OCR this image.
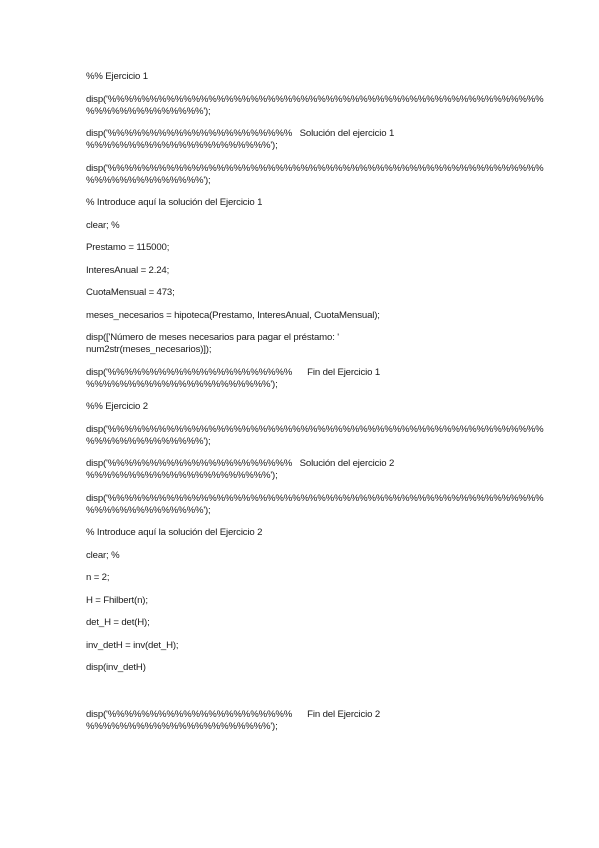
%% Ejercicio 1

disp('%%%%%%%%%%%%%%%%%%%%%%%%%%%%%%%%%%%%%%%%%%%%%%%%%%%%
%%%%%%%%%%%%%%');

disp('%%%%%%%%%%%%%%%%%%%%%%   Solución del ejercicio 1
%%%%%%%%%%%%%%%%%%%%%%');

disp('%%%%%%%%%%%%%%%%%%%%%%%%%%%%%%%%%%%%%%%%%%%%%%%%%%%%
%%%%%%%%%%%%%%');

% Introduce aquí la solución del Ejercicio 1

clear; %

Prestamo = 115000;

InteresAnual = 2.24;

CuotaMensual = 473;

meses_necesarios = hipoteca(Prestamo, InteresAnual, CuotaMensual);

disp(['Número de meses necesarios para pagar el préstamo: '
num2str(meses_necesarios)]);

disp('%%%%%%%%%%%%%%%%%%%%%%      Fin del Ejercicio 1
%%%%%%%%%%%%%%%%%%%%%%');

%% Ejercicio 2

disp('%%%%%%%%%%%%%%%%%%%%%%%%%%%%%%%%%%%%%%%%%%%%%%%%%%%%
%%%%%%%%%%%%%%');

disp('%%%%%%%%%%%%%%%%%%%%%%   Solución del ejercicio 2
%%%%%%%%%%%%%%%%%%%%%%');

disp('%%%%%%%%%%%%%%%%%%%%%%%%%%%%%%%%%%%%%%%%%%%%%%%%%%%%
%%%%%%%%%%%%%%');

% Introduce aquí la solución del Ejercicio 2

clear; %

n = 2;

H = Fhilbert(n);

det_H = det(H);

inv_detH = inv(det_H);

disp(inv_detH)

disp('%%%%%%%%%%%%%%%%%%%%%%      Fin del Ejercicio 2
%%%%%%%%%%%%%%%%%%%%%%');
